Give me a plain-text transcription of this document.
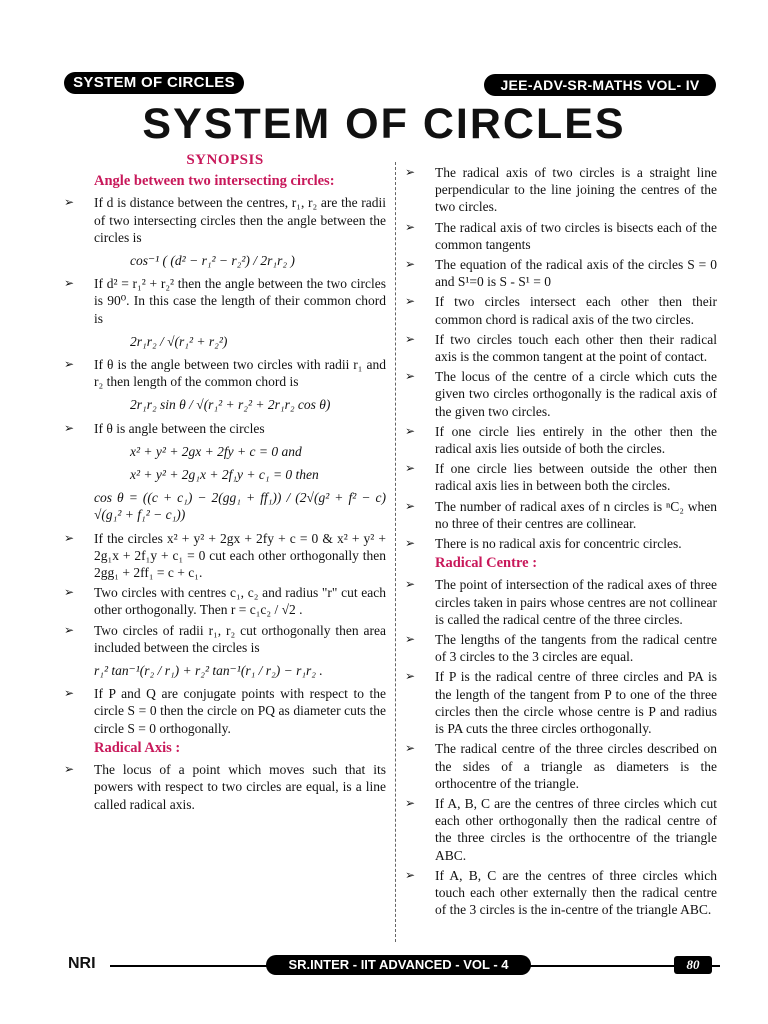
SYSTEM OF CIRCLES	JEE-ADV-SR-MATHS VOL- IV
SYSTEM OF CIRCLES
SYNOPSIS
Angle between two intersecting circles:
➢ If d is distance between the centres, r₁, r₂ are the radii of two intersecting circles then the angle between the circles is
cos⁻¹ ( (d² − r₁² − r₂²) / 2r₁r₂ )
➢ If d² = r₁² + r₂² then the angle between the two circles is 90⁰. In this case the length of their common chord is
2r₁r₂ / √(r₁² + r₂²)
➢ If θ is the angle between two circles with radii r₁ and r₂ then length of the common chord is
2r₁r₂ sin θ / √(r₁² + r₂² + 2r₁r₂ cos θ)
➢ If θ is angle between the circles
x² + y² + 2gx + 2fy + c = 0 and
x² + y² + 2g₁x + 2f₁y + c₁ = 0 then
cos θ = ((c + c₁) − 2(gg₁ + ff₁)) / (2√(g² + f² − c) √(g₁² + f₁² − c₁))
➢ If the circles x² + y² + 2gx + 2fy + c = 0 & x² + y² + 2g₁x + 2f₁y + c₁ = 0 cut each other orthogonally then 2gg₁ + 2ff₁ = c + c₁.
➢ Two circles with centres c₁, c₂ and radius "r" cut each other orthogonally. Then r = c₁c₂ / √2 .
➢ Two circles of radii r₁, r₂ cut orthogonally then area included between the circles is
r₁² tan⁻¹(r₂ / r₁) + r₂² tan⁻¹(r₁ / r₂) − r₁r₂ .
➢ If P and Q are conjugate points with respect to the circle S = 0 then the circle on PQ as diameter cuts the circle S = 0 orthogonally.
Radical Axis :
➢ The locus of a point which moves such that its powers with respect to two circles are equal, is a line called radical axis.
➢ The radical axis of two circles is a straight line perpendicular to the line joining the centres of the two circles.
➢ The radical axis of two circles is bisects each of the common tangents
➢ The equation of the radical axis of the circles S = 0 and S¹=0 is S - S¹ = 0
➢ If two circles intersect each other then their common chord is radical axis of the two circles.
➢ If two circles touch each other then their radical axis is the common tangent at the point of contact.
➢ The locus of the centre of a circle which cuts the given two circles orthogonally is the radical axis of the given two circles.
➢ If one circle lies entirely in the other then the radical axis lies outside of both the circles.
➢ If one circle lies between outside the other then radical axis lies in between both the circles.
➢ The number of radical axes of n circles is ⁿC₂ when no three of their centres are collinear.
➢ There is no radical axis for concentric circles.
Radical Centre :
➢ The point of intersection of the radical axes of three circles taken in pairs whose centres are not collinear is called the radical centre of the three circles.
➢ The lengths of the tangents from the radical centre of 3 circles to the 3 circles are equal.
➢ If P is the radical centre of three circles and PA is the length of the tangent from P to one of the three circles then the circle whose centre is P and radius is PA cuts the three circles orthogonally.
➢ The radical centre of the three circles described on the sides of a triangle as diameters is the orthocentre of the triangle.
➢ If A, B, C are the centres of three circles which cut each other orthogonally then the radical centre of the three circles is the orthocentre of the triangle ABC.
➢ If A, B, C are the centres of three circles which touch each other externally then the radical centre of the 3 circles is the in-centre of the triangle ABC.
NRI	SR.INTER - IIT ADVANCED - VOL - 4	80
